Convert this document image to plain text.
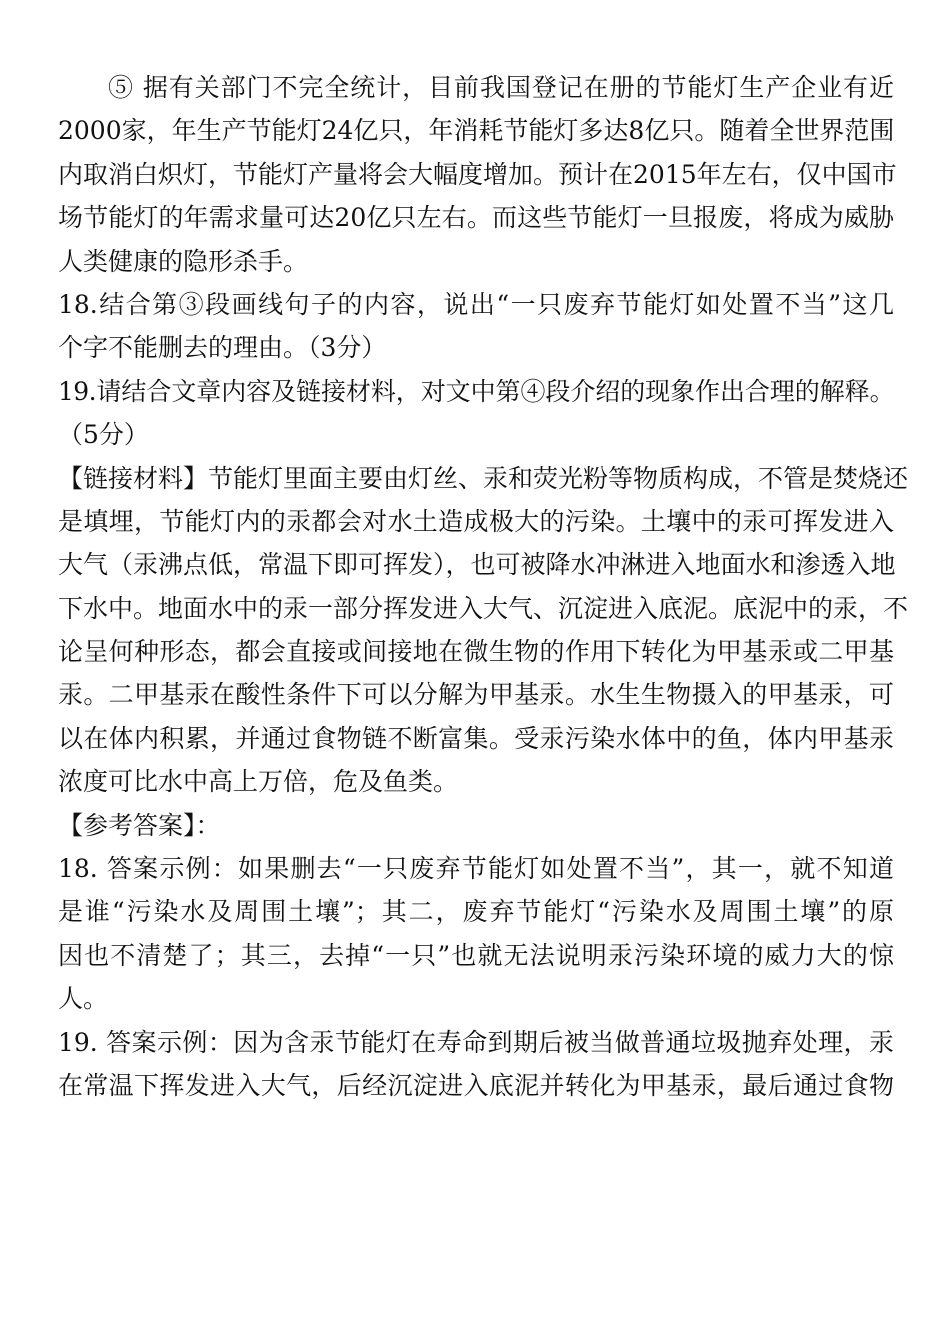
⑤ 据有关部门不完全统计，目前我国登记在册的节能灯生产企业有近
2000家，年生产节能灯24亿只，年消耗节能灯多达8亿只。随着全世界范围
内取消白炽灯，节能灯产量将会大幅度增加。预计在2015年左右，仅中国市
场节能灯的年需求量可达20亿只左右。而这些节能灯一旦报废，将成为威胁
人类健康的隐形杀手。
18.结合第③段画线句子的内容，说出“一只废弃节能灯如处置不当”这几
个字不能删去的理由。（3分）
19.请结合文章内容及链接材料，对文中第④段介绍的现象作出合理的解释。
（5分）
【链接材料】节能灯里面主要由灯丝、汞和荧光粉等物质构成，不管是焚烧还
是填埋，节能灯内的汞都会对水土造成极大的污染。土壤中的汞可挥发进入
大气（汞沸点低，常温下即可挥发），也可被降水冲淋进入地面水和渗透入地
下水中。地面水中的汞一部分挥发进入大气、沉淀进入底泥。底泥中的汞，不
论呈何种形态，都会直接或间接地在微生物的作用下转化为甲基汞或二甲基
汞。二甲基汞在酸性条件下可以分解为甲基汞。水生生物摄入的甲基汞，可
以在体内积累，并通过食物链不断富集。受汞污染水体中的鱼，体内甲基汞
浓度可比水中高上万倍，危及鱼类。
【参考答案】：
18. 答案示例：如果删去“一只废弃节能灯如处置不当”，其一，就不知道
是谁“污染水及周围土壤”；其二，废弃节能灯“污染水及周围土壤”的原
因也不清楚了；其三，去掉“一只”也就无法说明汞污染环境的威力大的惊
人。
19. 答案示例：因为含汞节能灯在寿命到期后被当做普通垃圾抛弃处理，汞
在常温下挥发进入大气，后经沉淀进入底泥并转化为甲基汞，最后通过食物
